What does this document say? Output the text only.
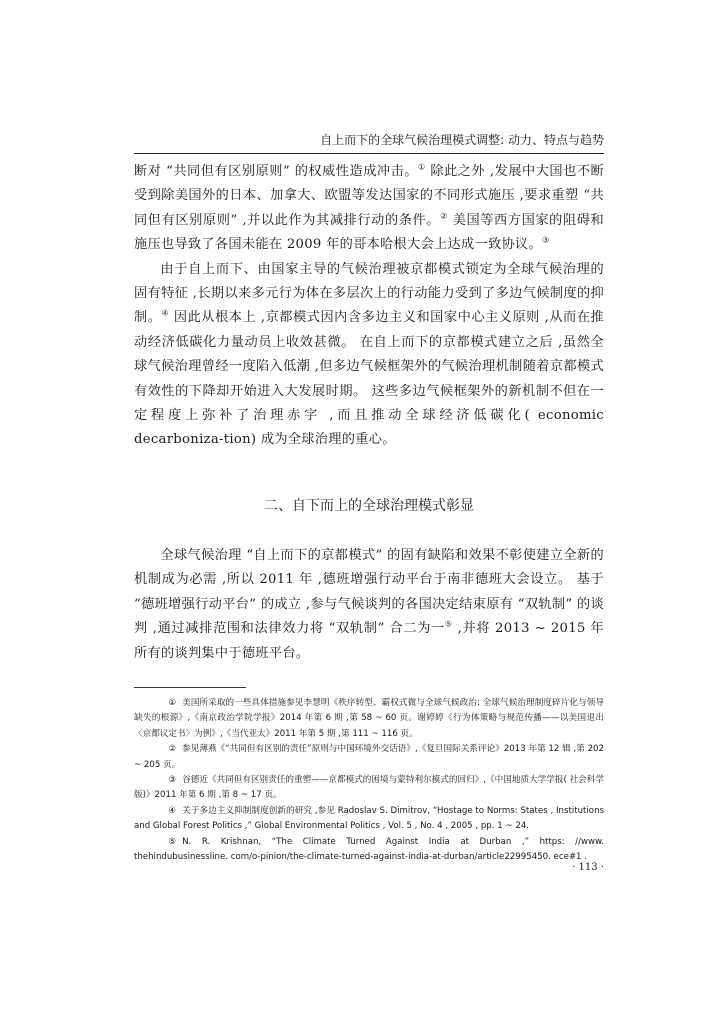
自上而下的全球气候治理模式调整: 动力、特点与趋势

断对 “共同但有区别原则” 的权威性造成冲击。① 除此之外 ,发展中大国也不断受到除美国外的日本、加拿大、欧盟等发达国家的不同形式施压 ,要求重塑 “共同但有区别原则” ,并以此作为其减排行动的条件。② 美国等西方国家的阻碍和施压也导致了各国未能在 2009 年的哥本哈根大会上达成一致协议。③

由于自上而下、由国家主导的气候治理被京都模式锁定为全球气候治理的固有特征 ,长期以来多元行为体在多层次上的行动能力受到了多边气候制度的抑制。④ 因此从根本上 ,京都模式因内含多边主义和国家中心主义原则 ,从而在推动经济低碳化力量动员上收效甚微。 在自上而下的京都模式建立之后 ,虽然全球气候治理曾经一度陷入低潮 ,但多边气候框架外的气候治理机制随着京都模式有效性的下降却开始进入大发展时期。 这些多边气候框架外的新机制不但在一定程度上弥补了治理赤字 ,而且推动全球经济低碳化( economic decarboniza-tion) 成为全球治理的重心。

二、自下而上的全球治理模式彰显

全球气候治理 “自上而下的京都模式” 的固有缺陷和效果不彰使建立全新的机制成为必需 ,所以 2011 年 ,德班增强行动平台于南非德班大会设立。 基于 “德班增强行动平台” 的成立 ,参与气候谈判的各国决定结束原有 “双轨制” 的谈判 ,通过减排范围和法律效力将 “双轨制” 合二为一⑤ ,并将 2013 ~ 2015 年所有的谈判集中于德班平台。

① 美国所采取的一些具体措施参见李慧明《秩序转型、霸权式微与全球气候政治: 全球气候治理制度碎片化与领导缺失的根源》,《南京政治学院学报》2014 年第 6 期 ,第 58 ~ 60 页。谢婷婷《行为体策略与规范传播——以美国退出〈京都议定书〉为例》,《当代亚太》2011 年第 5 期 ,第 111 ~ 116 页。

② 参见薄燕《“共同但有区别的责任”原则与中国环境外交话语》,《复旦国际关系评论》2013 年第 12 辑 ,第 202 ~ 205 页。

③ 谷德近《共同但有区别责任的重塑——京都模式的困境与蒙特利尔模式的回归》,《中国地质大学学报( 社会科学版)》2011 年第 6 期 ,第 8 ~ 17 页。

④ 关于多边主义抑制制度创新的研究 ,参见 Radoslav S. Dimitrov, “Hostage to Norms: States , Institutions and Global Forest Politics ,” Global Environmental Politics , Vol. 5 , No. 4 , 2005 , pp. 1 ~ 24.

⑤ N. R. Krishnan, “The Climate Turned Against India at Durban ,” https: //www. thehindubusinessline. com/o-pinion/the-climate-turned-against-india-at-durban/article22995450. ece#1 .

· 113 ·
